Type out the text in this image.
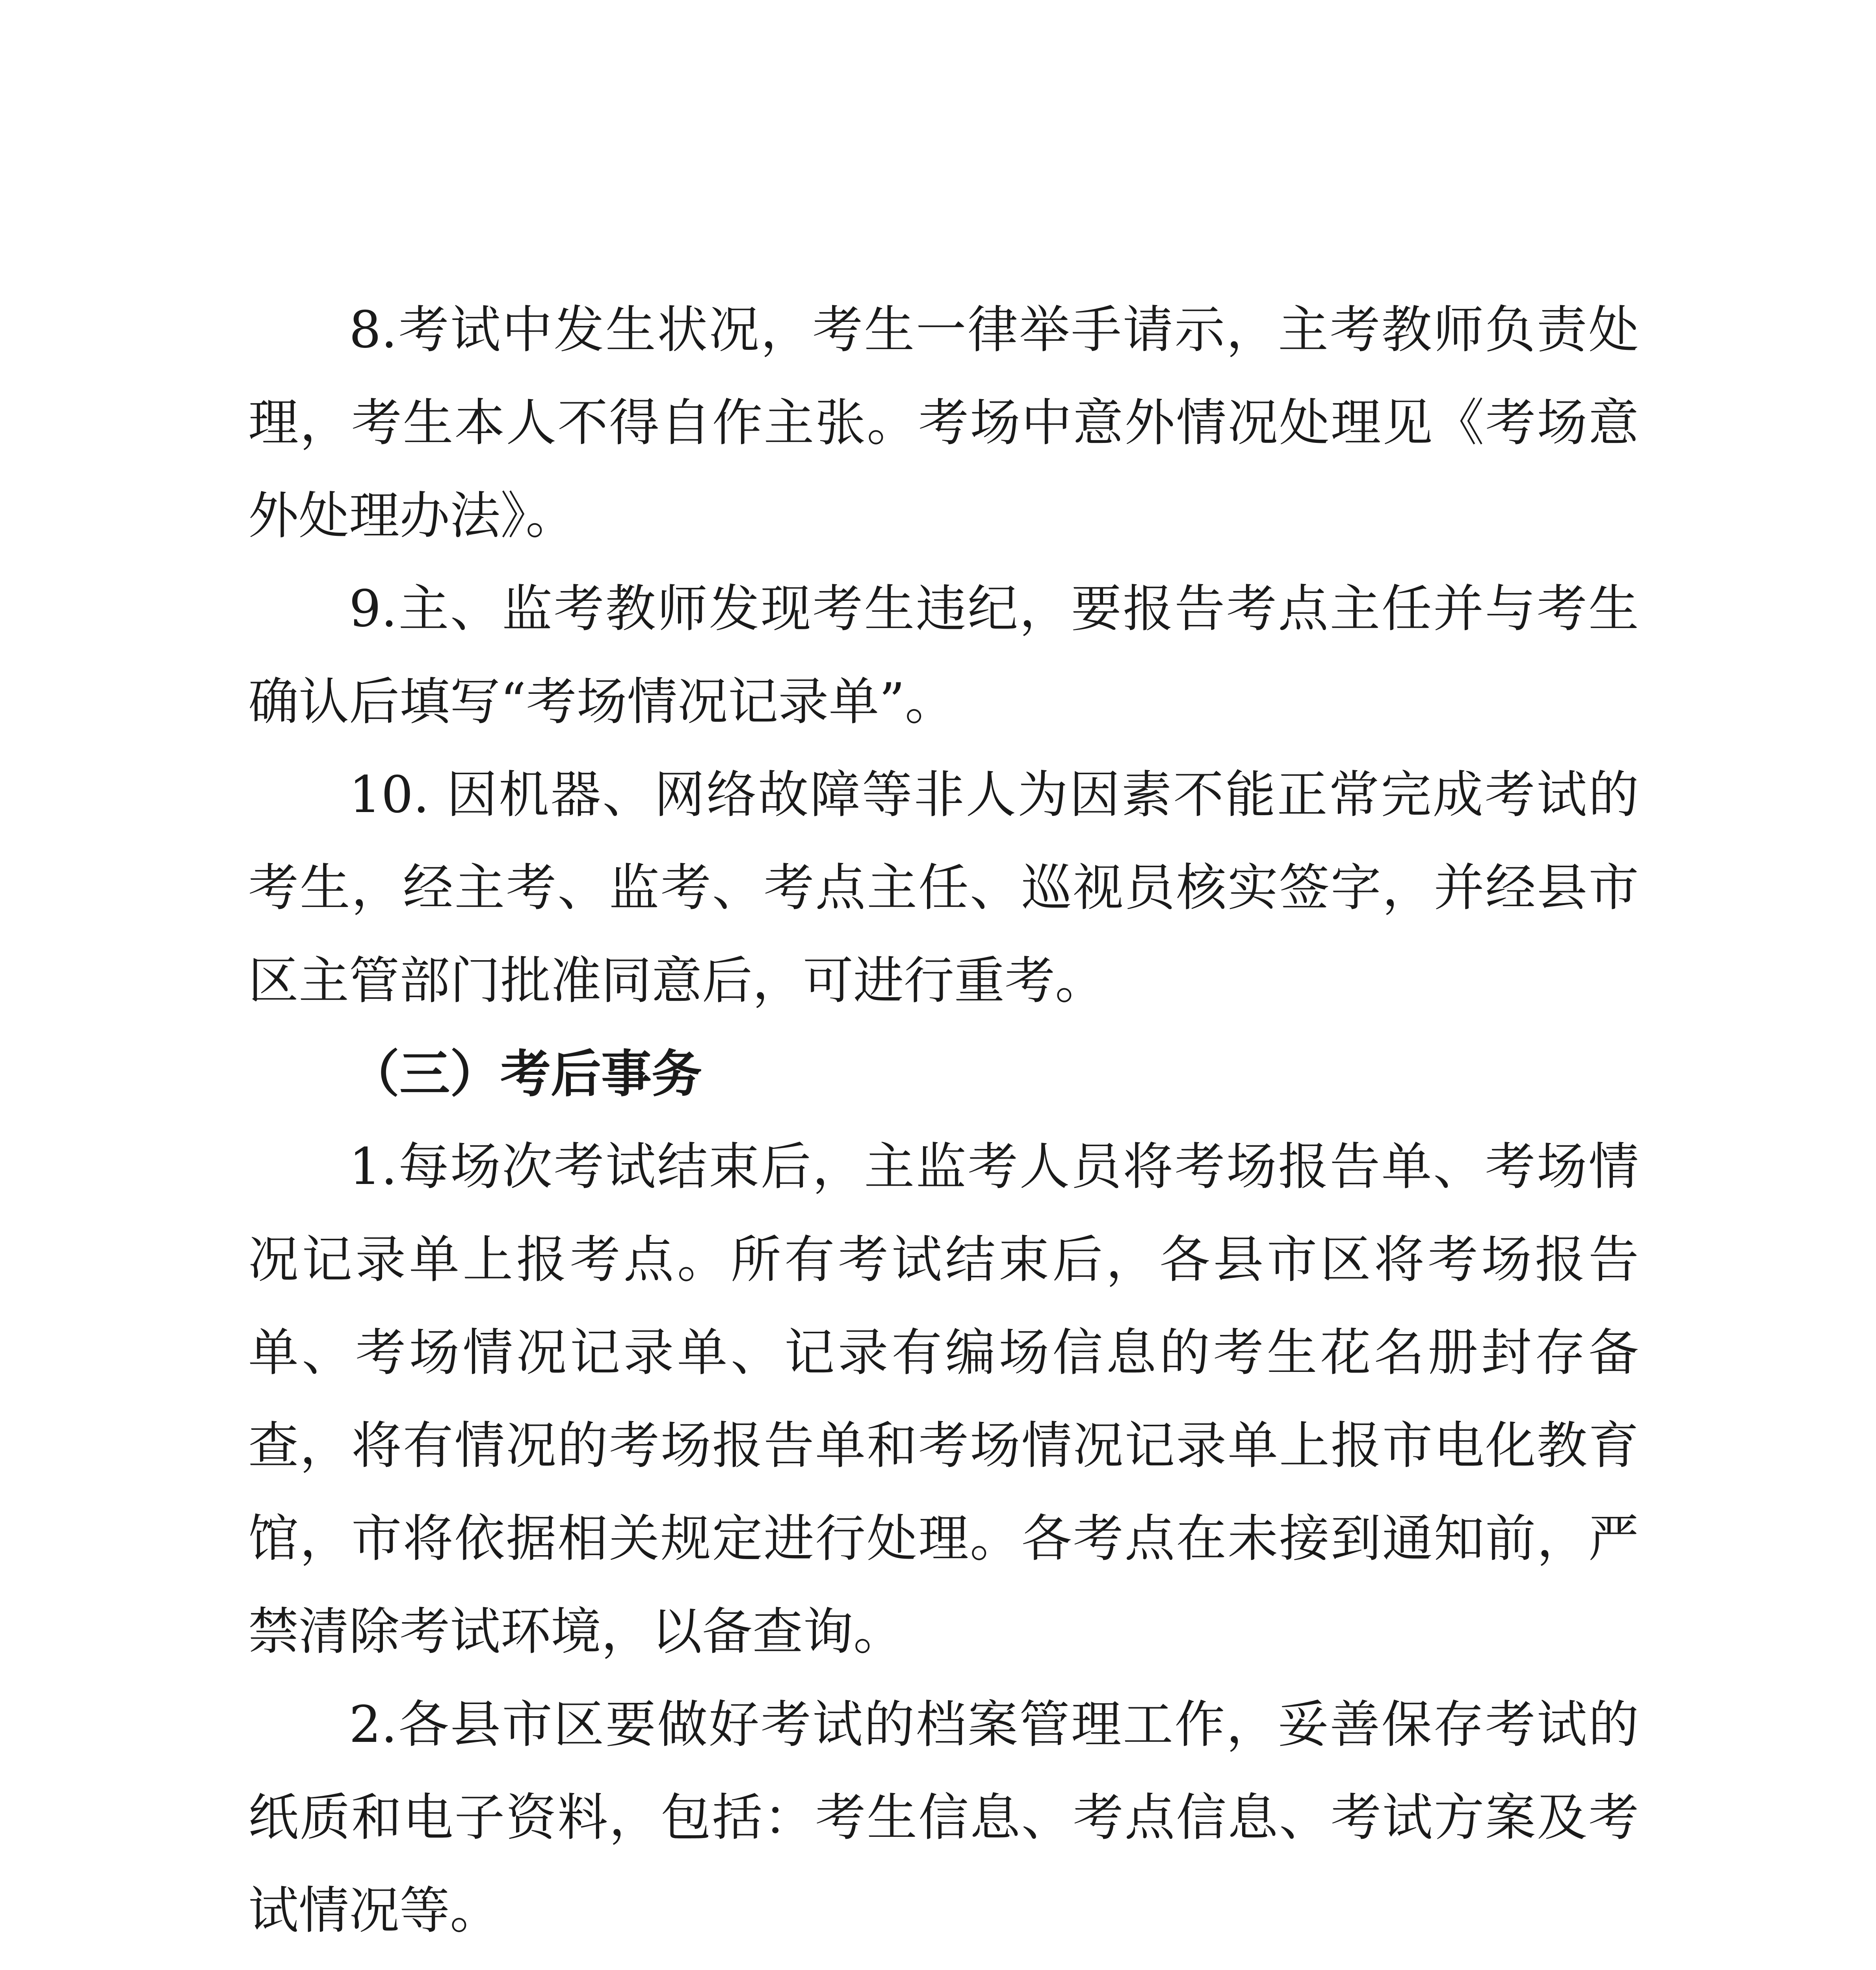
8.考试中发生状况，考生一律举手请示，主考教师负责处理，考生本人不得自作主张。考场中意外情况处理见《考场意外处理办法》。

9.主、监考教师发现考生违纪，要报告考点主任并与考生确认后填写“考场情况记录单”。

10. 因机器、网络故障等非人为因素不能正常完成考试的考生，经主考、监考、考点主任、巡视员核实签字，并经县市区主管部门批准同意后，可进行重考。

（三）考后事务

1.每场次考试结束后，主监考人员将考场报告单、考场情况记录单上报考点。所有考试结束后，各县市区将考场报告单、考场情况记录单、记录有编场信息的考生花名册封存备查，将有情况的考场报告单和考场情况记录单上报市电化教育馆，市将依据相关规定进行处理。各考点在未接到通知前，严禁清除考试环境，以备查询。

2.各县市区要做好考试的档案管理工作，妥善保存考试的纸质和电子资料，包括：考生信息、考点信息、考试方案及考试情况等。
